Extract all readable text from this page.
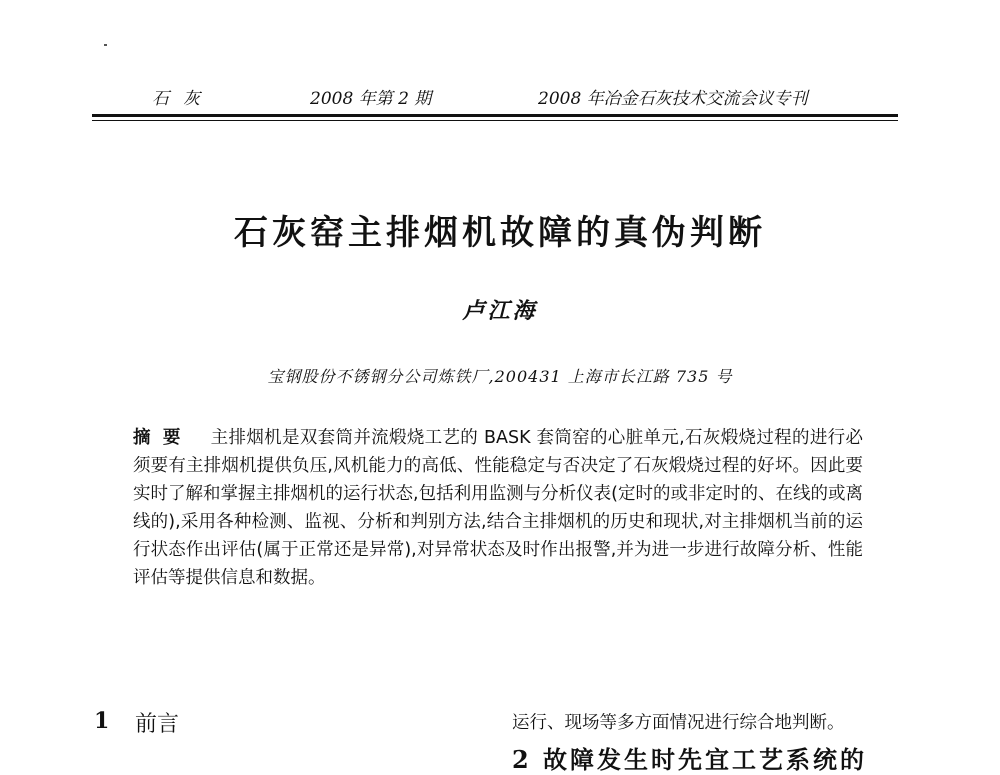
石灰	2008 年第 2 期	2008 年冶金石灰技术交流会议专刊
石灰窑主排烟机故障的真伪判断
卢江海
宝钢股份不锈钢分公司炼铁厂,200431 上海市长江路 735 号
摘要 主排烟机是双套筒并流煅烧工艺的 BASK 套筒窑的心脏单元,石灰煅烧过程的进行必须要有主排烟机提供负压,风机能力的高低、性能稳定与否决定了石灰煅烧过程的好坏。因此要实时了解和掌握主排烟机的运行状态,包括利用监测与分析仪表(定时的或非定时的、在线的或离线的),采用各种检测、监视、分析和判别方法,结合主排烟机的历史和现状,对主排烟机当前的运行状态作出评估(属于正常还是异常),对异常状态及时作出报警,并为进一步进行故障分析、性能评估等提供信息和数据。
1 前言	运行、现场等多方面情况进行综合地判断。
2 故障发生时先宜工艺系统的
